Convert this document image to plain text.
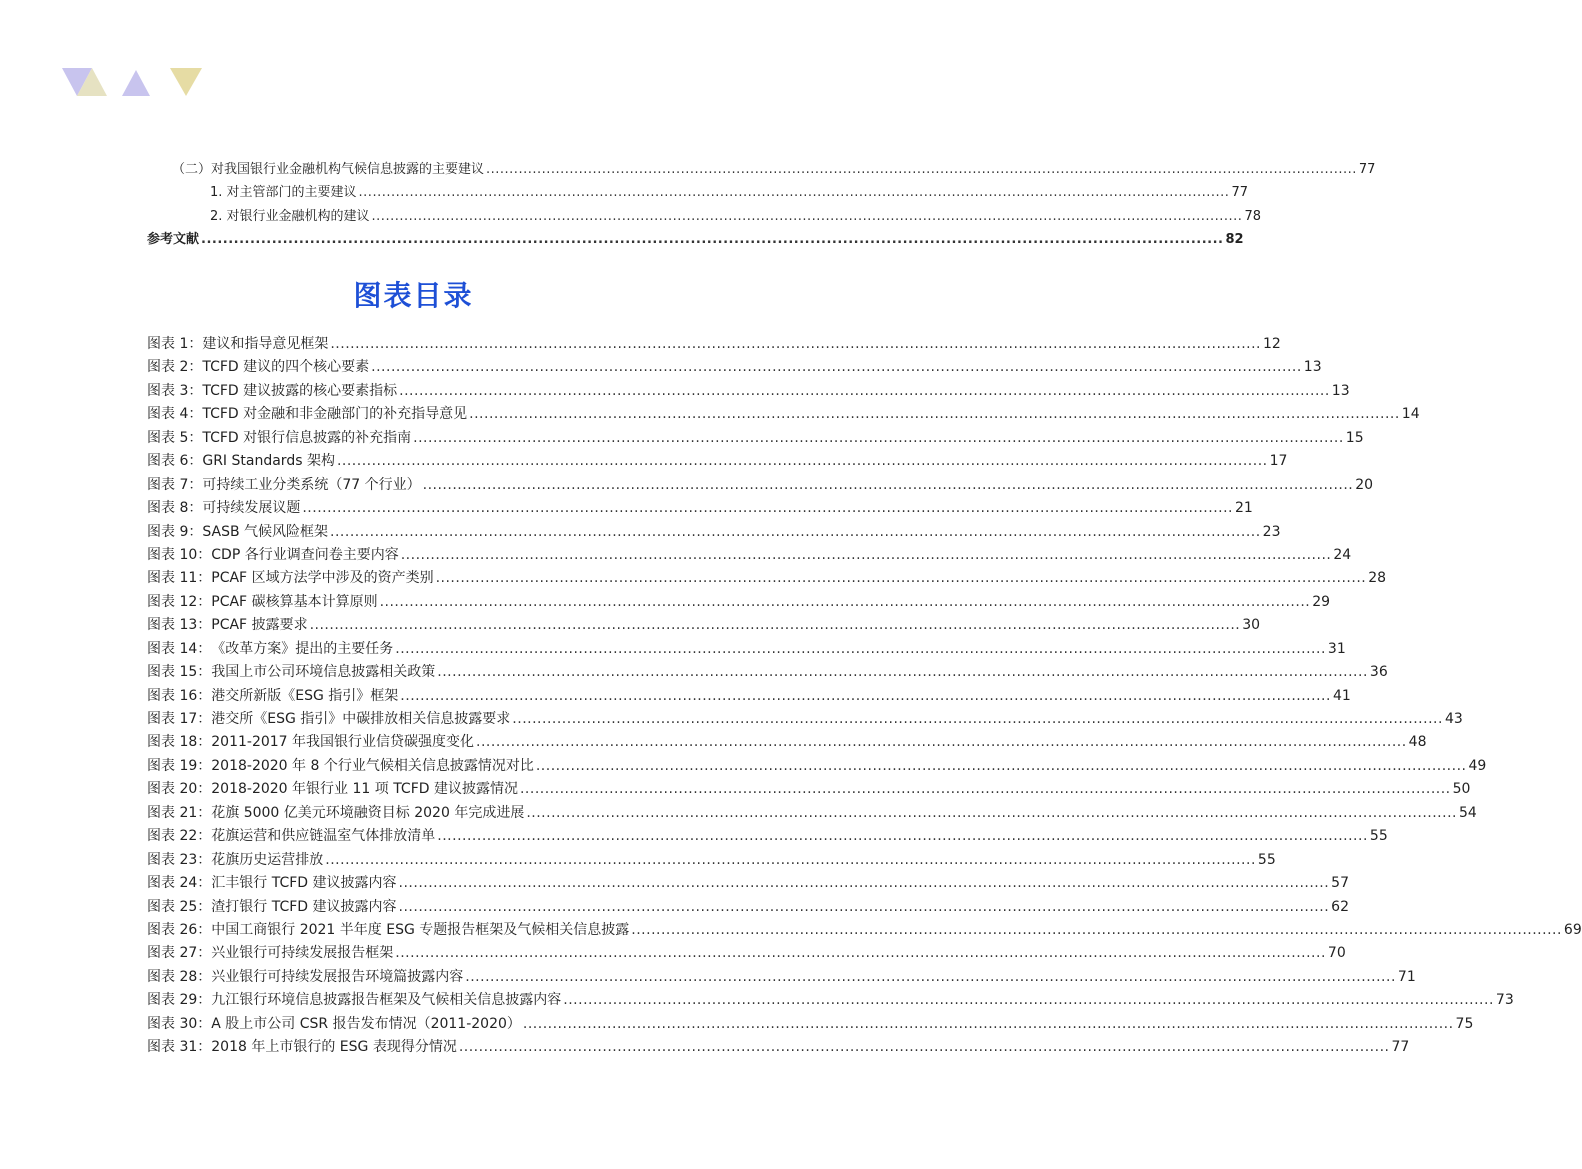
（二）对我国银行业金融机构气候信息披露的主要建议 .....	77
1. 对主管部门的主要建议 .....	77
2. 对银行业金融机构的建议 .....	78
参考文献 .....	82
图表目录
图表 1： 建议和指导意见框架 .....	12
图表 2： TCFD 建议的四个核心要素 .....	13
图表 3： TCFD 建议披露的核心要素指标 .....	13
图表 4： TCFD 对金融和非金融部门的补充指导意见 .....	14
图表 5： TCFD 对银行信息披露的补充指南 .....	15
图表 6： GRI Standards 架构 .....	17
图表 7： 可持续工业分类系统（77 个行业） .....	20
图表 8： 可持续发展议题 .....	21
图表 9： SASB 气候风险框架 .....	23
图表 10： CDP 各行业调查问卷主要内容 .....	24
图表 11： PCAF 区域方法学中涉及的资产类别 .....	28
图表 12： PCAF 碳核算基本计算原则 .....	29
图表 13： PCAF 披露要求 .....	30
图表 14： 《改革方案》提出的主要任务 .....	31
图表 15： 我国上市公司环境信息披露相关政策 .....	36
图表 16： 港交所新版《ESG 指引》框架 .....	41
图表 17： 港交所《ESG 指引》中碳排放相关信息披露要求 .....	43
图表 18： 2011-2017 年我国银行业信贷碳强度变化 .....	48
图表 19： 2018-2020 年 8 个行业气候相关信息披露情况对比 .....	49
图表 20： 2018-2020 年银行业 11 项 TCFD 建议披露情况 .....	50
图表 21： 花旗 5000 亿美元环境融资目标 2020 年完成进展 .....	54
图表 22： 花旗运营和供应链温室气体排放清单 .....	55
图表 23： 花旗历史运营排放 .....	55
图表 24： 汇丰银行 TCFD 建议披露内容 .....	57
图表 25： 渣打银行 TCFD 建议披露内容 .....	62
图表 26： 中国工商银行 2021 半年度 ESG 专题报告框架及气候相关信息披露 .....	69
图表 27： 兴业银行可持续发展报告框架 .....	70
图表 28： 兴业银行可持续发展报告环境篇披露内容 .....	71
图表 29： 九江银行环境信息披露报告框架及气候相关信息披露内容 .....	73
图表 30： A 股上市公司 CSR 报告发布情况（2011-2020） .....	75
图表 31： 2018 年上市银行的 ESG 表现得分情况 .....	77
